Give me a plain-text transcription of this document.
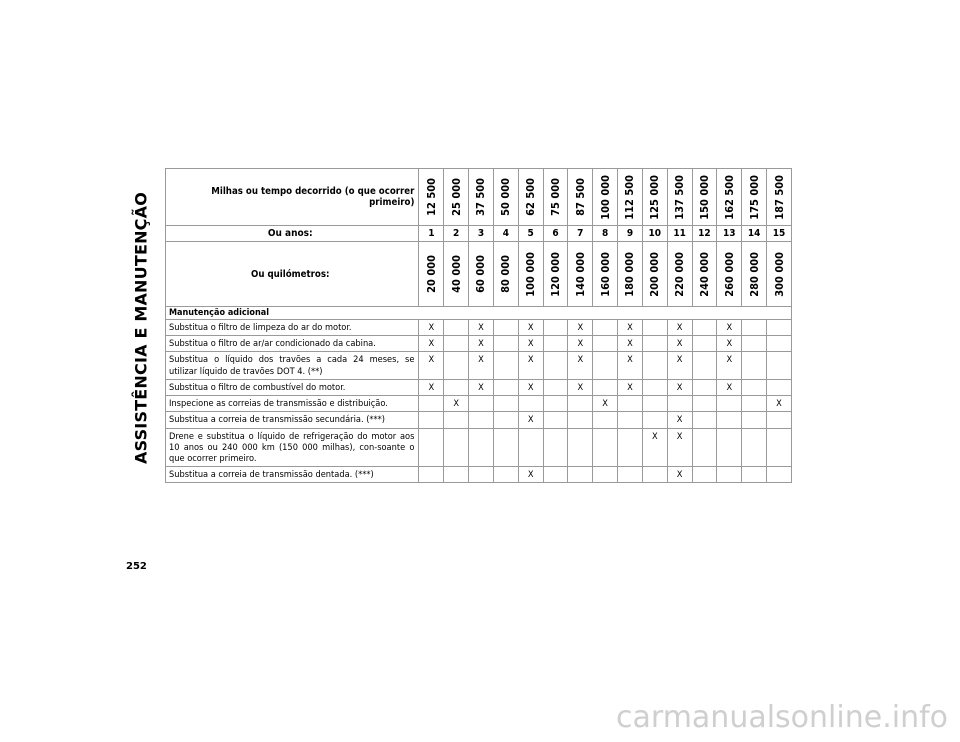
ASSISTÊNCIA E MANUTENÇÃO
252
Milhas ou tempo decorrido (o que ocorrer primeiro)	12 500	25 000	37 500	50 000	62 500	75 000	87 500	100 000	112 500	125 000	137 500	150 000	162 500	175 000	187 500

Ou anos:	1	2	3	4	5	6	7	8	9	10	11	12	13	14	15
Ou quilómetros:	20 000	40 000	60 000	80 000	100 000	120 000	140 000	160 000	180 000	200 000	220 000	240 000	260 000	280 000	300 000

Manutenção adicional															
Substitua o filtro de limpeza do ar do motor.	X		X		X		X		X		X		X		
Substitua o filtro de ar/ar condicionado da cabina.	X		X		X		X		X		X		X		
Substitua o líquido dos travões a cada 24 meses, se utilizar líquido de travões DOT 4. (**)	X		X		X		X		X		X		X		
Substitua o filtro de combustível do motor.	X		X		X		X		X		X		X		
Inspecione as correias de transmissão e distribuição.		X						X							X
Substitua a correia de transmissão secundária. (***)					X						X				
Drene e substitua o líquido de refrigeração do motor aos 10 anos ou 240 000 km (150 000 milhas), con-soante o que ocorrer primeiro.										X	X				
Substitua a correia de transmissão dentada. (***)					X						X				
carmanualsonline.info
